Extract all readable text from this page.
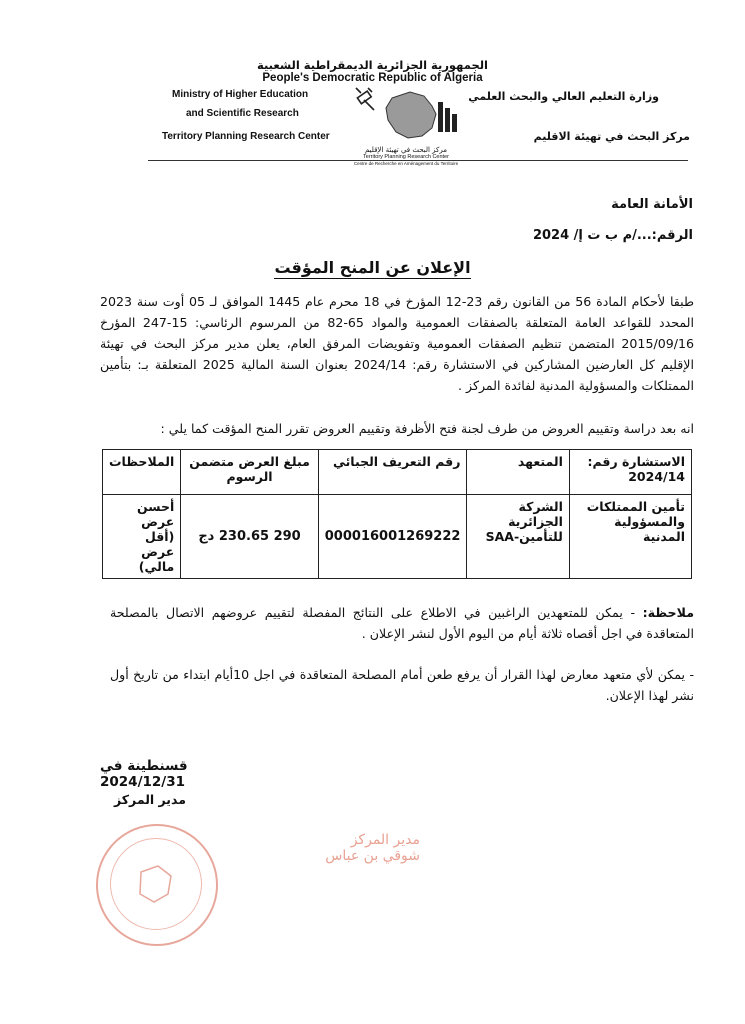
الجمهورية الجزائرية الديمقراطية الشعبية
People's Democratic Republic of Algeria
Ministry of Higher Education
and Scientific Research
Territory Planning Research Center
وزارة التعليم العالي والبحث العلمي
مركز البحث في تهيئة الاقليم
مركز البحث في تهيئة الإقليم
Territory Planning Research Center
Centre de Recherche en Aménagement du Territoire
الأمانة العامة
الرقم:.../م ب ت إ/ 2024
الإعلان عن المنح المؤقت
طبقا لأحكام المادة 56 من القانون رقم 23-12 المؤرخ في 18 محرم عام 1445 الموافق لـ 05 أوت سنة 2023 المحدد للقواعد العامة المتعلقة بالصفقات العمومية والمواد 65-82 من المرسوم الرئاسي: 15-247 المؤرخ 2015/09/16 المتضمن تنظيم الصفقات العمومية وتفويضات المرفق العام، يعلن مدير مركز البحث في تهيئة الإقليم كل العارضين المشاركين في الاستشارة رقم: 2024/14 بعنوان السنة المالية 2025 المتعلقة بـ: بتأمين الممتلكات والمسؤولية المدنية لفائدة المركز .
انه بعد دراسة وتقييم العروض من طرف لجنة فتح الأظرفة وتقييم العروض تقرر المنح المؤقت كما يلي :
الاستشارة رقم: 2024/14	المتعهد	رقم التعريف الجبائي	مبلغ العرض متضمن الرسوم	الملاحظات
تأمين الممتلكات والمسؤولية المدنية	الشركة الجزائرية للتأمين-SAA	000016001269222	290 230.65 دج	أحسن عرض (أقل عرض مالي)
ملاحظة: - يمكن للمتعهدين الراغبين في الاطلاع على النتائج المفصلة لتقييم عروضهم الاتصال بالمصلحة المتعاقدة في اجل أقصاه ثلاثة أيام من اليوم الأول لنشر الإعلان .
- يمكن لأي متعهد معارض لهذا القرار أن يرفع طعن أمام المصلحة المتعاقدة في اجل 10أيام ابتداء من تاريخ أول نشر لهذا الإعلان.
قسنطينة في 2024/12/31
مدير المركز
مدير المركز
شوقي بن عباس
